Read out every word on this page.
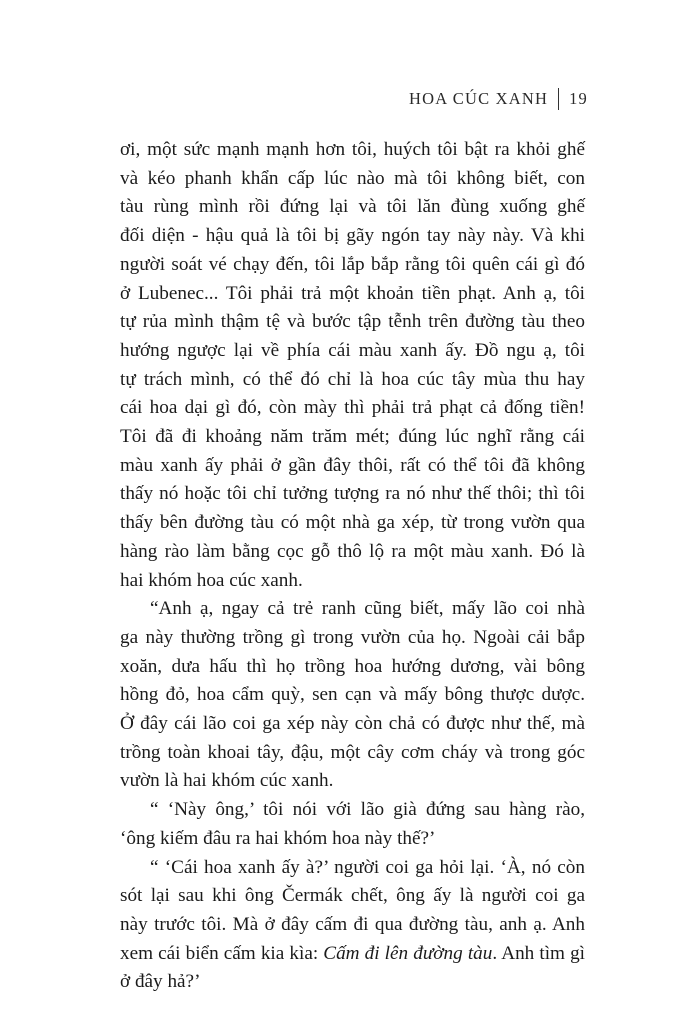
HOA CÚC XANH 19
ơi, một sức mạnh mạnh hơn tôi, huých tôi bật ra khỏi ghế
và kéo phanh khẩn cấp lúc nào mà tôi không biết, con
tàu rùng mình rồi đứng lại và tôi lăn đùng xuống ghế
đối diện - hậu quả là tôi bị gãy ngón tay này này. Và khi
người soát vé chạy đến, tôi lắp bắp rằng tôi quên cái gì đó
ở Lubenec... Tôi phải trả một khoản tiền phạt. Anh ạ, tôi
tự rủa mình thậm tệ và bước tập tễnh trên đường tàu theo
hướng ngược lại về phía cái màu xanh ấy. Đồ ngu ạ, tôi
tự trách mình, có thể đó chỉ là hoa cúc tây mùa thu hay
cái hoa dại gì đó, còn mày thì phải trả phạt cả đống tiền!
Tôi đã đi khoảng năm trăm mét; đúng lúc nghĩ rằng cái
màu xanh ấy phải ở gần đây thôi, rất có thể tôi đã không
thấy nó hoặc tôi chỉ tưởng tượng ra nó như thế thôi; thì tôi
thấy bên đường tàu có một nhà ga xép, từ trong vườn qua
hàng rào làm bằng cọc gỗ thô lộ ra một màu xanh. Đó là
hai khóm hoa cúc xanh.
“Anh ạ, ngay cả trẻ ranh cũng biết, mấy lão coi nhà
ga này thường trồng gì trong vườn của họ. Ngoài cải bắp
xoăn, dưa hấu thì họ trồng hoa hướng dương, vài bông
hồng đỏ, hoa cẩm quỳ, sen cạn và mấy bông thược dược.
Ở đây cái lão coi ga xép này còn chả có được như thế, mà
trồng toàn khoai tây, đậu, một cây cơm cháy và trong góc
vườn là hai khóm cúc xanh.
“ ‘Này ông,’ tôi nói với lão già đứng sau hàng rào,
‘ông kiếm đâu ra hai khóm hoa này thế?’
“ ‘Cái hoa xanh ấy à?’ người coi ga hỏi lại. ‘À, nó còn
sót lại sau khi ông Čermák chết, ông ấy là người coi ga
này trước tôi. Mà ở đây cấm đi qua đường tàu, anh ạ. Anh
xem cái biển cấm kia kìa: Cấm đi lên đường tàu. Anh tìm gì
ở đây hả?’
